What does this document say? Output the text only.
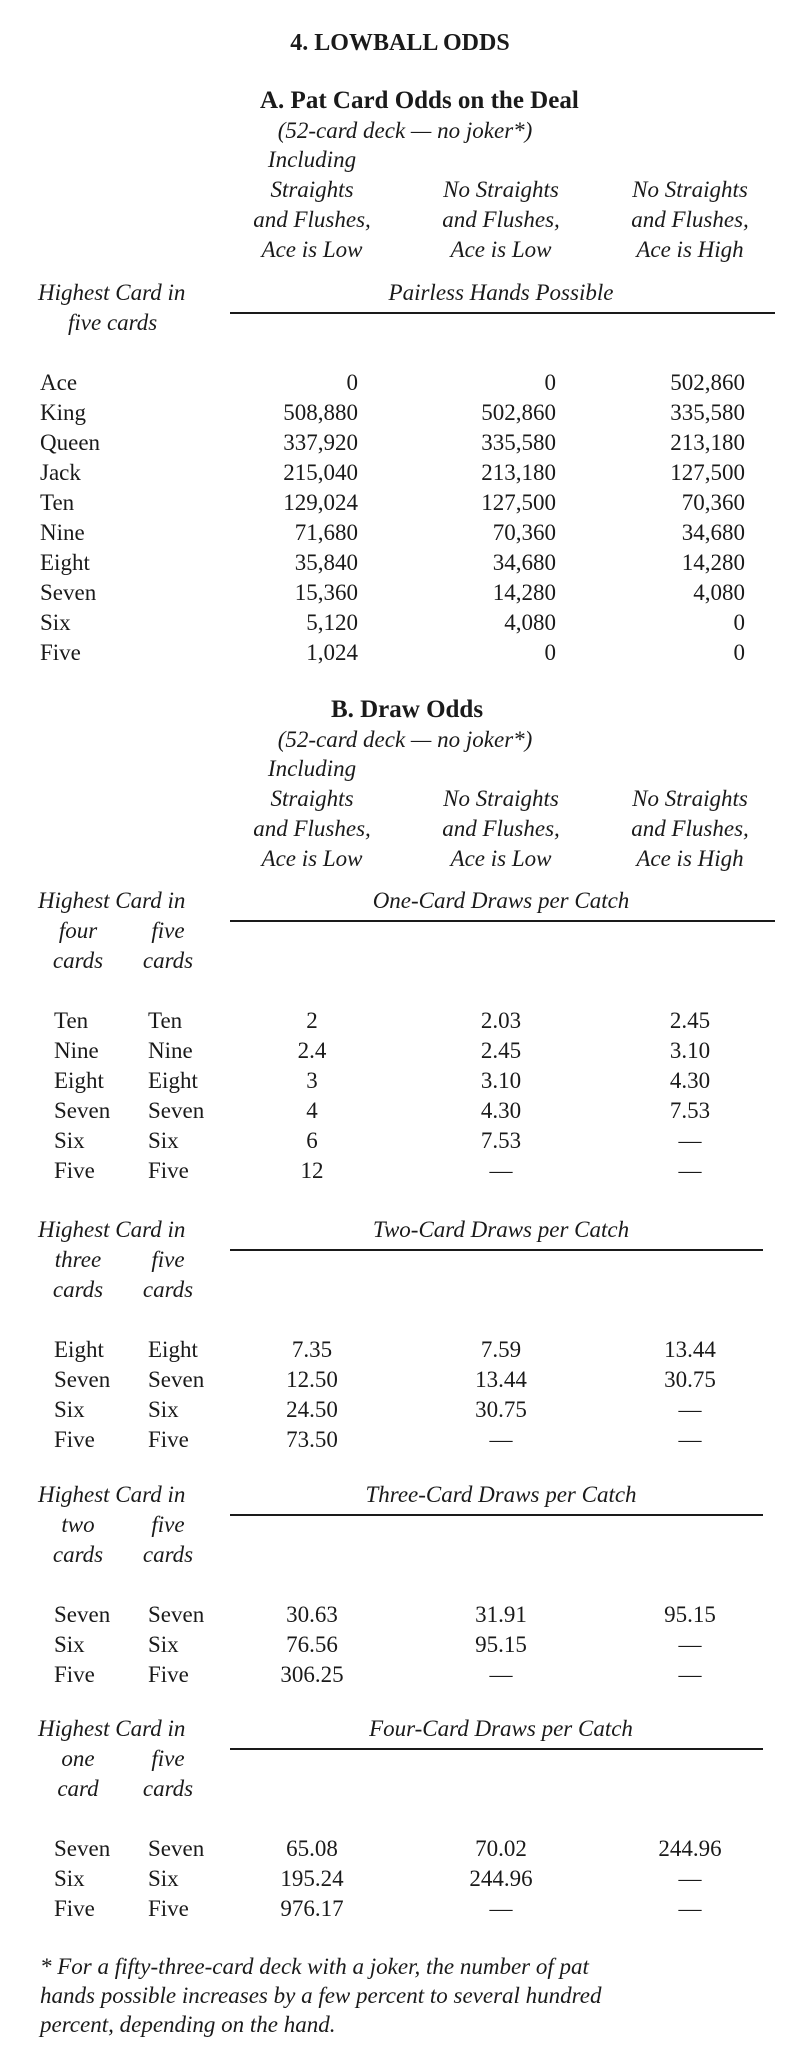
4. LOWBALL ODDS
A. Pat Card Odds on the Deal
(52-card deck — no joker*)
Including
Straights
and Flushes,
Ace is Low
No Straights
and Flushes,
Ace is Low
No Straights
and Flushes,
Ace is High
Highest Card in
five cards
Pairless Hands Possible
Ace	0	0	502,860
King	508,880	502,860	335,580
Queen	337,920	335,580	213,180
Jack	215,040	213,180	127,500
Ten	129,024	127,500	70,360
Nine	71,680	70,360	34,680
Eight	35,840	34,680	14,280
Seven	15,360	14,280	4,080
Six	5,120	4,080	0
Five	1,024	0	0
B. Draw Odds
(52-card deck — no joker*)
Including
Straights
and Flushes,
Ace is Low
No Straights
and Flushes,
Ace is Low
No Straights
and Flushes,
Ace is High
Highest Card in
four
cards
five
cards
One-Card Draws per Catch
Ten	Ten	2	2.03	2.45
Nine Nine	2.4	2.45	3.10
Eight Eight	3	3.10	4.30
Seven Seven	4	4.30	7.53
Six	Six	6	7.53	—
Five Five	12	—	—
Highest Card in
three
cards
five
cards
Two-Card Draws per Catch
Eight Eight	7.35	7.59	13.44
Seven Seven	12.50	13.44	30.75
Six	Six	24.50	30.75	—
Five Five	73.50	—	—
Highest Card in
two
cards
five
cards
Three-Card Draws per Catch
Seven Seven	30.63	31.91	95.15
Six	Six	76.56	95.15	—
Five Five	306.25	—	—
Highest Card in
one
card
five
cards
Four-Card Draws per Catch
Seven Seven	65.08	70.02	244.96
Six	Six	195.24	244.96	—
Five Five	976.17	—	—
* For a fifty-three-card deck with a joker, the number of pat
hands possible increases by a few percent to several hundred
percent, depending on the hand.
